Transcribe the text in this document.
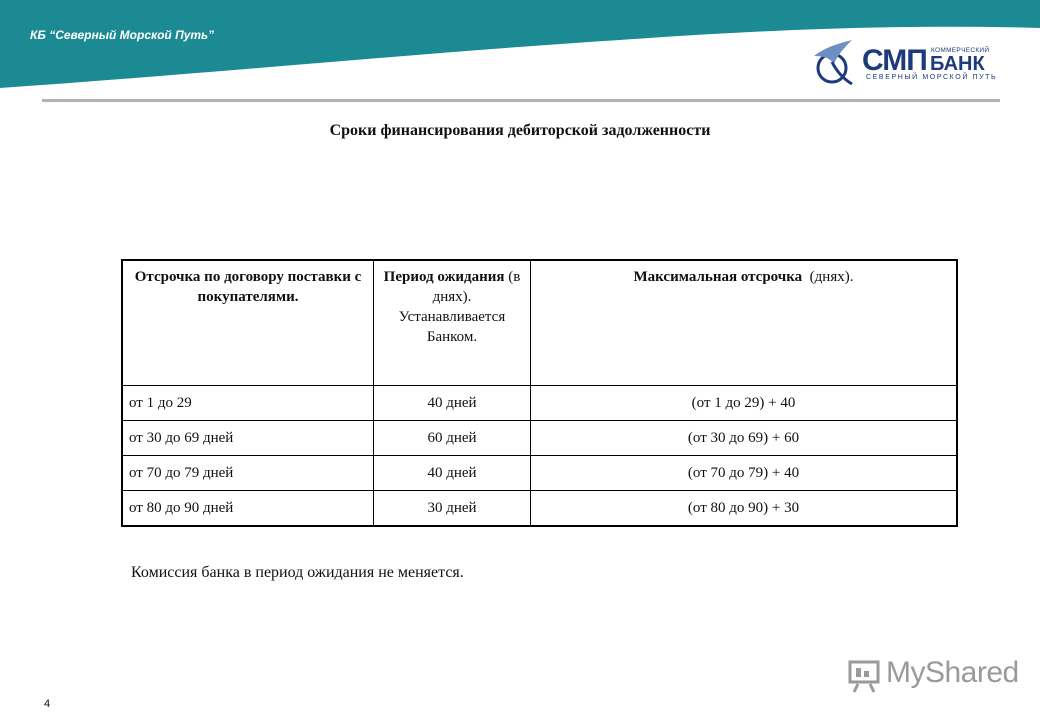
КБ “Северный Морской Путь”
СМП КОММЕРЧЕСКИЙ
БАНК
СЕВЕРНЫЙ МОРСКОЙ ПУТЬ
Сроки финансирования дебиторской задолженности
Отсрочка по договору поставки с покупателями.	Период ожидания (в днях). Устанавливается Банком.	Максимальная отсрочка  (днях).
от 1 до 29	40 дней	(от 1 до 29) + 40
от 30 до 69 дней	60 дней	(от 30 до 69) + 60
от 70 до 79 дней	40 дней	(от 70 до 79) + 40
от 80 до 90 дней	30 дней	(от 80 до 90) + 30
Комиссия банка в период ожидания не меняется.
4
MyShared
